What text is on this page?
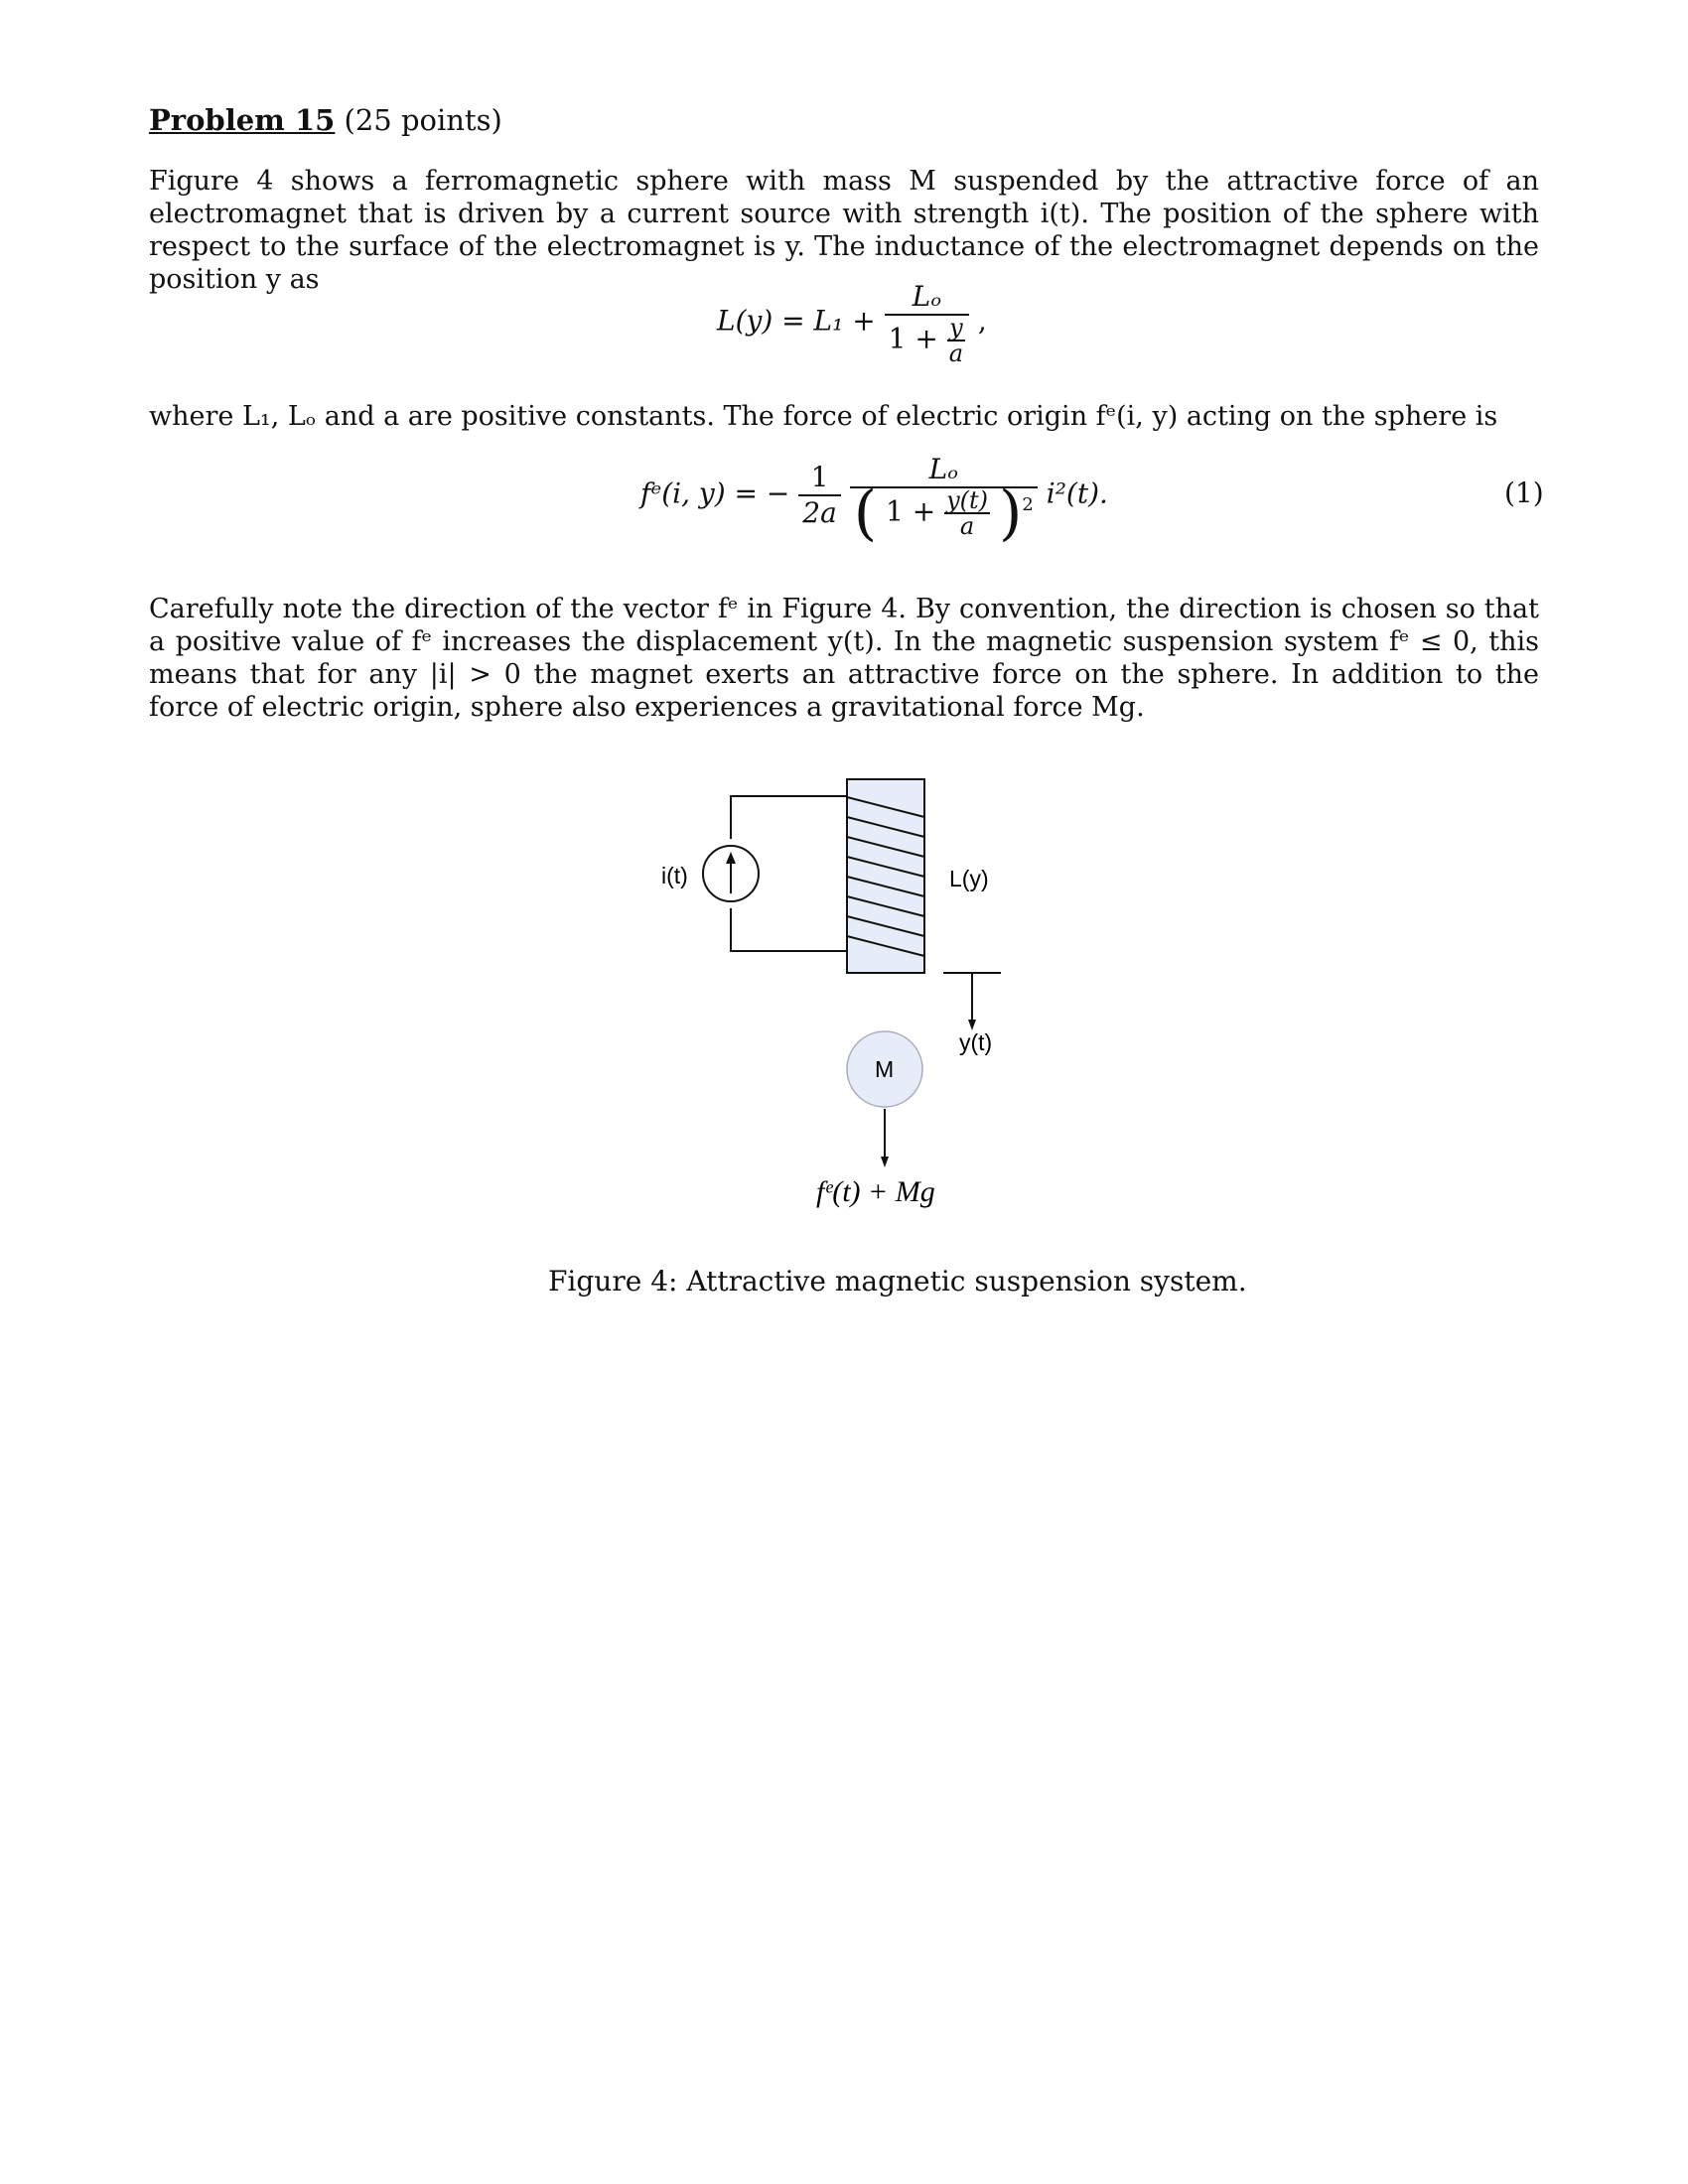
Problem 15 (25 points)
Figure 4 shows a ferromagnetic sphere with mass M suspended by the attractive force of an electromagnet that is driven by a current source with strength i(t). The position of the sphere with respect to the surface of the electromagnet is y. The inductance of the electromagnet depends on the position y as
$L(y) = L_1 + \frac{\text{Lₒ}}{1 + \frac{y}{a}}$ ,
where L₁, Lₒ and a are positive constants. The force of electric origin fᵉ(i, y) acting on the sphere is
fᵉ(i, y) = − $\frac{1}{2a}$
	Lₒ
( $1 + \frac{y(t)}{a} )^2$ i²(t).	(1)
Carefully note the direction of the vector fᵉ in Figure 4. By convention, the direction is chosen so that a positive value of fᵉ increases the displacement y(t). In the magnetic suspension system fᵉ ≤ 0, this means that for any |i| > 0 the magnet exerts an attractive force on the sphere. In addition to the force of electric origin, sphere also experiences a gravitational force Mg.
i(t)	L(y)
y(t)
M
fᵉ(t) + Mg
Figure 4: Attractive magnetic suspension system.
